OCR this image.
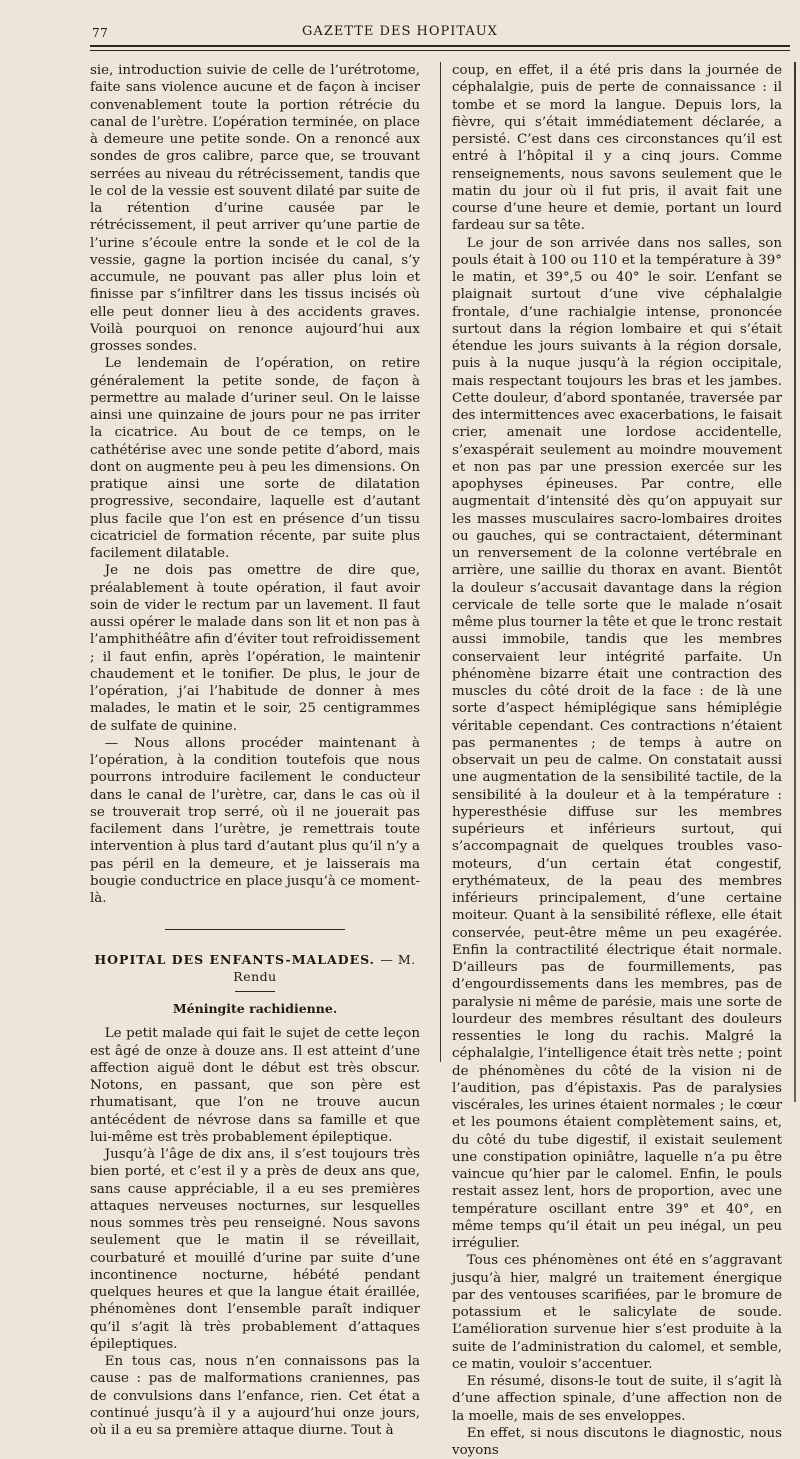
77	GAZETTE DES HOPITAUX

sie, introduction suivie de celle de l’urétrotome, faite sans violence aucune et de façon à inciser convenablement toute la portion rétrécie du canal de l’urètre. L’opération terminée, on place à demeure une petite sonde. On a renoncé aux sondes de gros calibre, parce que, se trouvant serrées au niveau du rétrécissement, tandis que le col de la vessie est souvent dilaté par suite de la rétention d’urine causée par le rétrécissement, il peut arriver qu’une partie de l’urine s’écoule entre la sonde et le col de la vessie, gagne la portion incisée du canal, s’y accumule, ne pouvant pas aller plus loin et finisse par s’infiltrer dans les tissus incisés où elle peut donner lieu à des accidents graves. Voilà pourquoi on renonce aujourd’hui aux grosses sondes.

Le lendemain de l’opération, on retire généralement la petite sonde, de façon à permettre au malade d’uriner seul. On le laisse ainsi une quinzaine de jours pour ne pas irriter la cicatrice. Au bout de ce temps, on le cathétérise avec une sonde petite d’abord, mais dont on augmente peu à peu les dimensions. On pratique ainsi une sorte de dilatation progressive, secondaire, laquelle est d’autant plus facile que l’on est en présence d’un tissu cicatriciel de formation récente, par suite plus facilement dilatable.

Je ne dois pas omettre de dire que, préalablement à toute opération, il faut avoir soin de vider le rectum par un lavement. Il faut aussi opérer le malade dans son lit et non pas à l’amphithéâtre afin d’éviter tout refroidissement ; il faut enfin, après l’opération, le maintenir chaudement et le tonifier. De plus, le jour de l’opération, j’ai l’habitude de donner à mes malades, le matin et le soir, 25 centigrammes de sulfate de quinine.

— Nous allons procéder maintenant à l’opération, à la condition toutefois que nous pourrons introduire facilement le conducteur dans le canal de l’urètre, car, dans le cas où il se trouverait trop serré, où il ne jouerait pas facilement dans l’urètre, je remettrais toute intervention à plus tard d’autant plus qu’il n’y a pas péril en la demeure, et je laisserais ma bougie conductrice en place jusqu’à ce moment-là.

HOPITAL DES ENFANTS-MALADES. — M. Rendu
Méningite rachidienne.

Le petit malade qui fait le sujet de cette leçon est âgé de onze à douze ans. Il est atteint d’une affection aiguë dont le début est très obscur. Notons, en passant, que son père est rhumatisant, que l’on ne trouve aucun antécédent de névrose dans sa famille et que lui-même est très probablement épileptique.

Jusqu’à l’âge de dix ans, il s’est toujours très bien porté, et c’est il y a près de deux ans que, sans cause appréciable, il a eu ses premières attaques nerveuses nocturnes, sur lesquelles nous sommes très peu renseigné. Nous savons seulement que le matin il se réveillait, courbaturé et mouillé d’urine par suite d’une incontinence nocturne, hébété pendant quelques heures et que la langue était éraillée, phénomènes dont l’ensemble paraît indiquer qu’il s’agit là très probablement d’attaques épileptiques.

En tous cas, nous n’en connaissons pas la cause : pas de malformations craniennes, pas de convulsions dans l’enfance, rien. Cet état a continué jusqu’à il y a aujourd’hui onze jours, où il a eu sa première attaque diurne. Tout à

coup, en effet, il a été pris dans la journée de céphalalgie, puis de perte de connaissance : il tombe et se mord la langue. Depuis lors, la fièvre, qui s’était immédiatement déclarée, a persisté. C’est dans ces circonstances qu’il est entré à l’hôpital il y a cinq jours. Comme renseignements, nous savons seulement que le matin du jour où il fut pris, il avait fait une course d’une heure et demie, portant un lourd fardeau sur sa tête.

Le jour de son arrivée dans nos salles, son pouls était à 100 ou 110 et la température à 39° le matin, et 39°,5 ou 40° le soir. L’enfant se plaignait surtout d’une vive céphalalgie frontale, d’une rachialgie intense, prononcée surtout dans la région lombaire et qui s’était étendue les jours suivants à la région dorsale, puis à la nuque jusqu’à la région occipitale, mais respectant toujours les bras et les jambes. Cette douleur, d’abord spontanée, traversée par des intermittences avec exacerbations, le faisait crier, amenait une lordose accidentelle, s’exaspérait seulement au moindre mouvement et non pas par une pression exercée sur les apophyses épineuses. Par contre, elle augmentait d’intensité dès qu’on appuyait sur les masses musculaires sacro-lombaires droites ou gauches, qui se contractaient, déterminant un renversement de la colonne vertébrale en arrière, une saillie du thorax en avant. Bientôt la douleur s’accusait davantage dans la région cervicale de telle sorte que le malade n’osait même plus tourner la tête et que le tronc restait aussi immobile, tandis que les membres conservaient leur intégrité parfaite. Un phénomène bizarre était une contraction des muscles du côté droit de la face : de là une sorte d’aspect hémiplégique sans hémiplégie véritable cependant. Ces contractions n’étaient pas permanentes ; de temps à autre on observait un peu de calme. On constatait aussi une augmentation de la sensibilité tactile, de la sensibilité à la douleur et à la température : hyperesthésie diffuse sur les membres supérieurs et inférieurs surtout, qui s’accompagnait de quelques troubles vaso-moteurs, d’un certain état congestif, erythémateux, de la peau des membres inférieurs principalement, d’une certaine moiteur. Quant à la sensibilité réflexe, elle était conservée, peut-être même un peu exagérée. Enfin la contractilité électrique était normale. D’ailleurs pas de fourmillements, pas d’engourdissements dans les membres, pas de paralysie ni même de parésie, mais une sorte de lourdeur des membres résultant des douleurs ressenties le long du rachis. Malgré la céphalalgie, l’intelligence était très nette ; point de phénomènes du côté de la vision ni de l’audition, pas d’épistaxis. Pas de paralysies viscérales, les urines étaient normales ; le cœur et les poumons étaient complètement sains, et, du côté du tube digestif, il existait seulement une constipation opiniâtre, laquelle n’a pu être vaincue qu’hier par le calomel. Enfin, le pouls restait assez lent, hors de proportion, avec une température oscillant entre 39° et 40°, en même temps qu’il était un peu inégal, un peu irrégulier.

Tous ces phénomènes ont été en s’aggravant jusqu’à hier, malgré un traitement énergique par des ventouses scarifiées, par le bromure de potassium et le salicylate de soude. L’amélioration survenue hier s’est produite à la suite de l’administration du calomel, et semble, ce matin, vouloir s’accentuer.

En résumé, disons-le tout de suite, il s’agit là d’une affection spinale, d’une affection non de la moelle, mais de ses enveloppes.

En effet, si nous discutons le diagnostic, nous voyons
